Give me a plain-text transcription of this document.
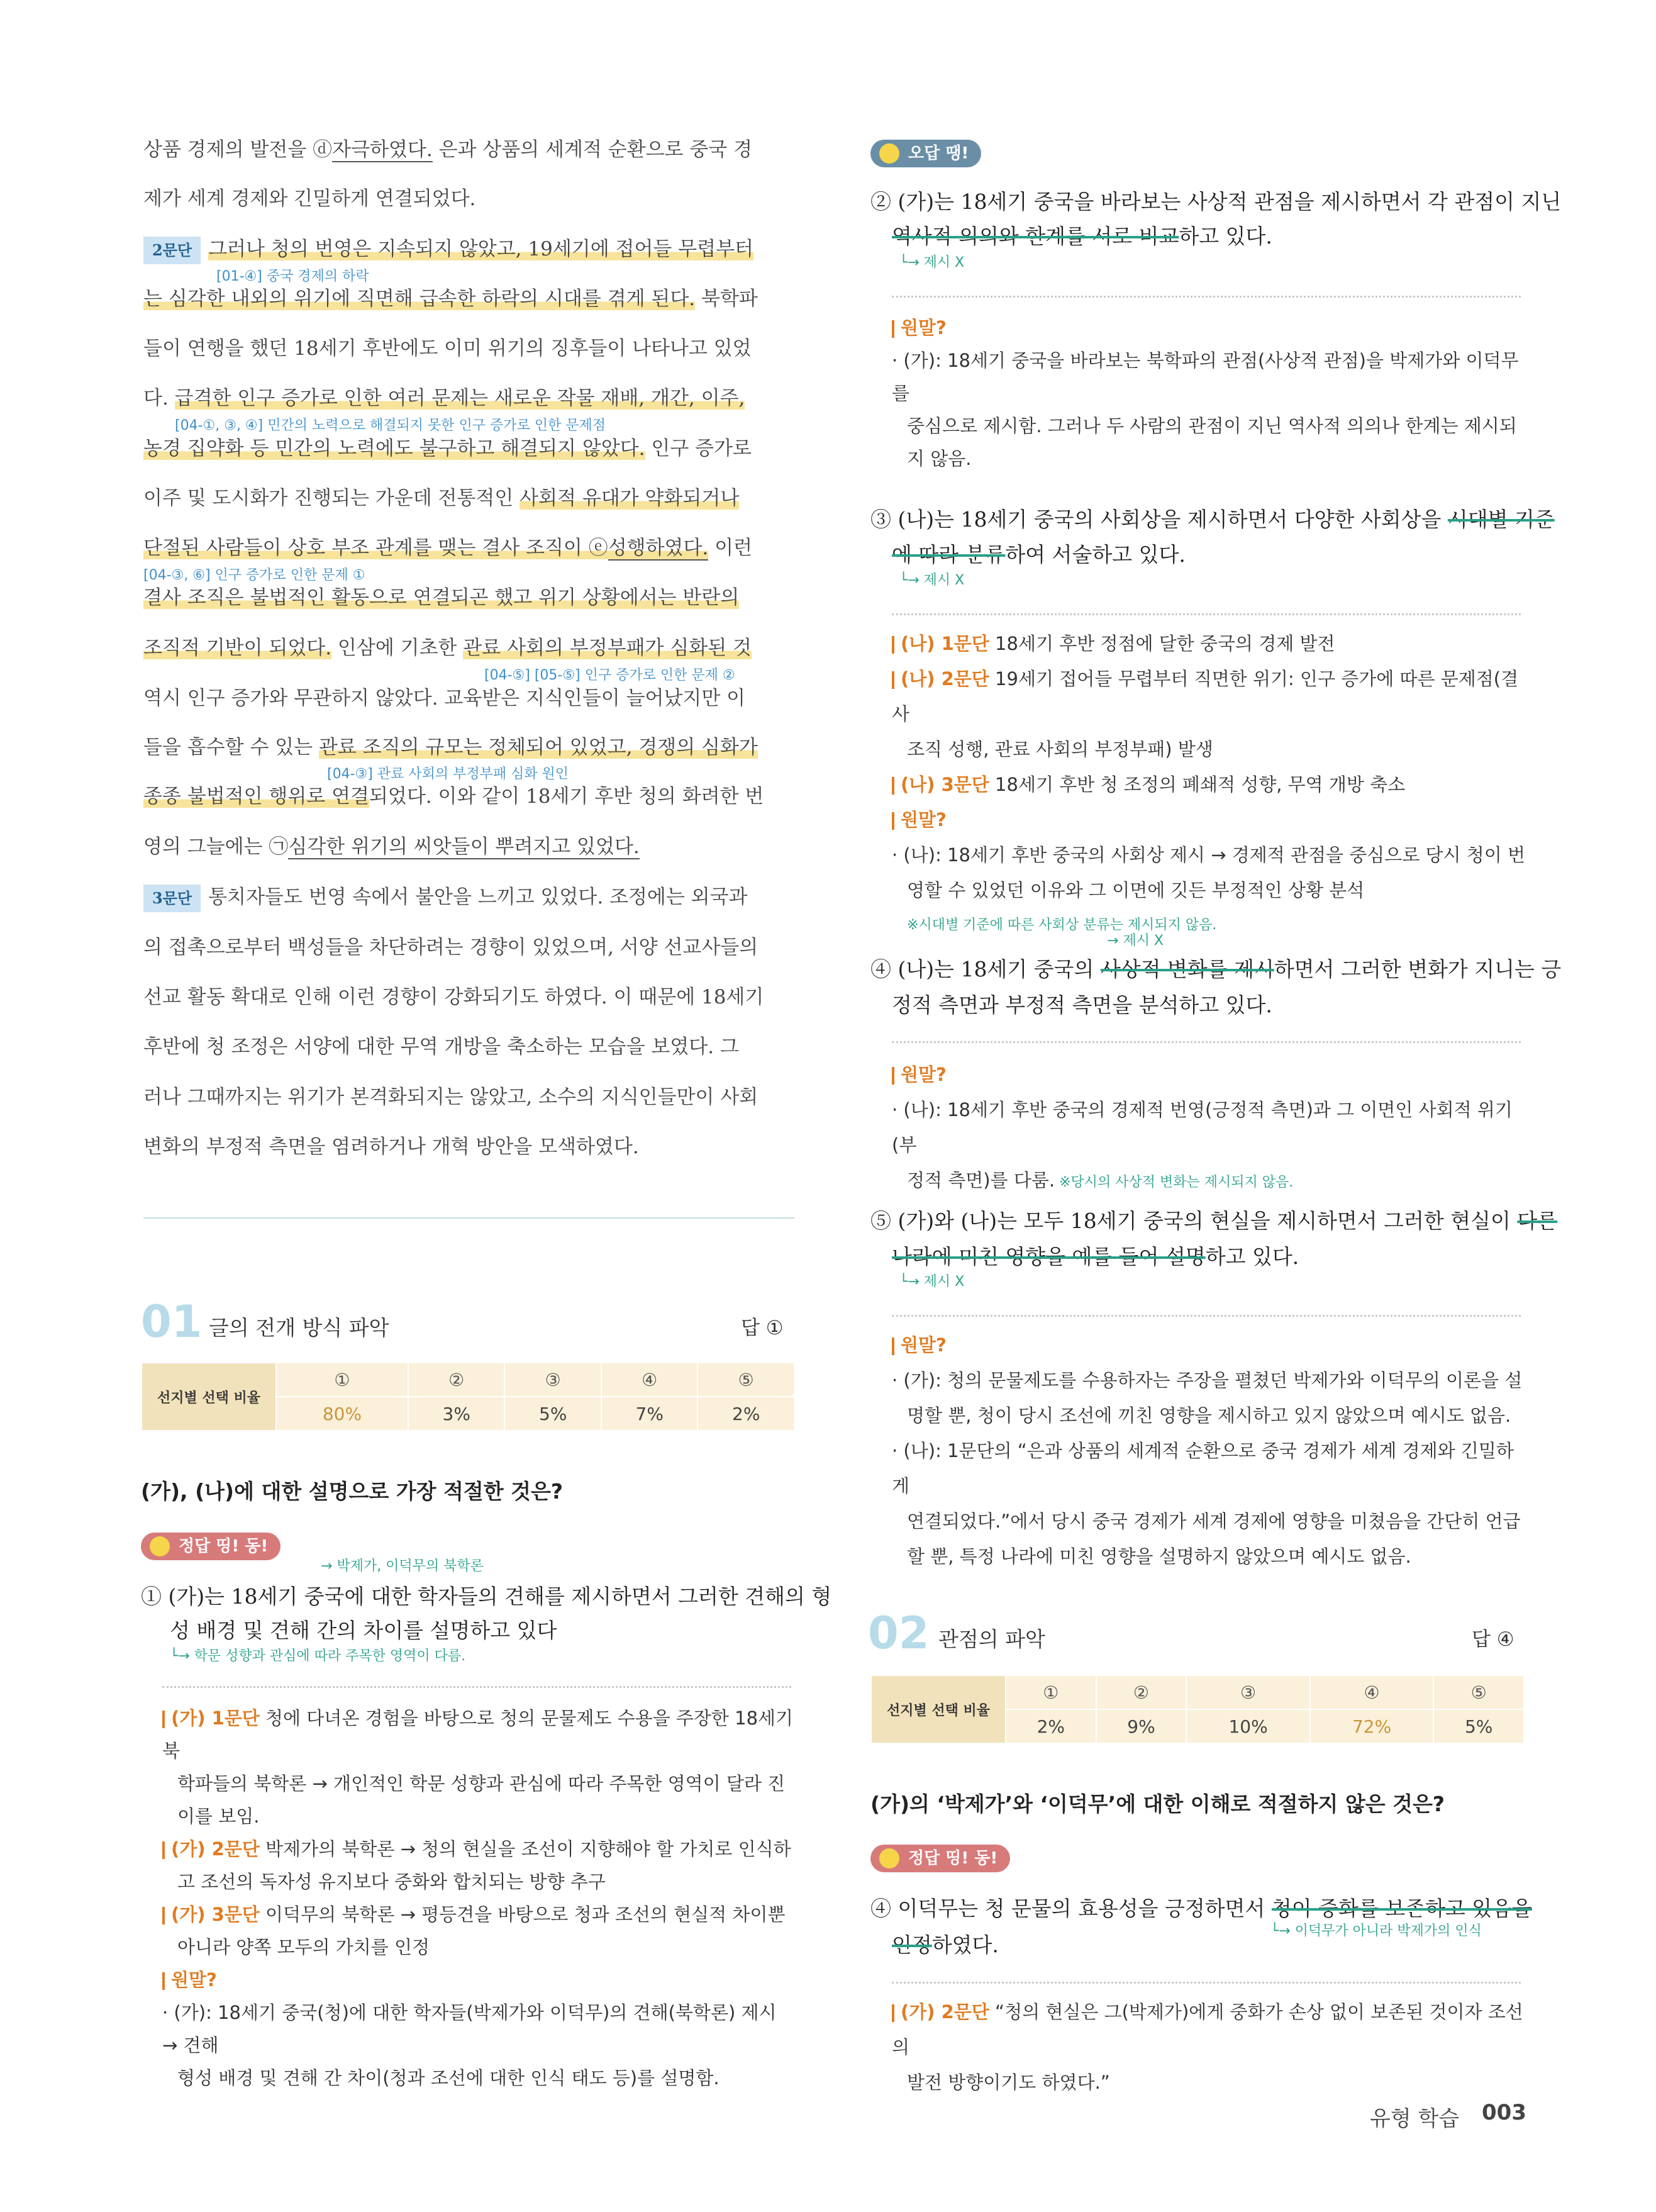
상품 경제의 발전을 ⓓ자극하였다. 은과 상품의 세계적 순환으로 중국 경
제가 세계 경제와 긴밀하게 연결되었다.
2문단 그러나 청의 번영은 지속되지 않았고, 19세기에 접어들 무렵부터
[01-④] 중국 경제의 하락
는 심각한 내외의 위기에 직면해 급속한 하락의 시대를 겪게 된다. 북학파
들이 연행을 했던 18세기 후반에도 이미 위기의 징후들이 나타나고 있었
다. 급격한 인구 증가로 인한 여러 문제는 새로운 작물 재배, 개간, 이주,
[04-①, ③, ④] 민간의 노력으로 해결되지 못한 인구 증가로 인한 문제점
농경 집약화 등 민간의 노력에도 불구하고 해결되지 않았다. 인구 증가로
이주 및 도시화가 진행되는 가운데 전통적인 사회적 유대가 약화되거나
단절된 사람들이 상호 부조 관계를 맺는 결사 조직이 ⓔ성행하였다. 이런
[04-③, ⑥] 인구 증가로 인한 문제 ①
결사 조직은 불법적인 활동으로 연결되곤 했고 위기 상황에서는 반란의
조직적 기반이 되었다. 인삼에 기초한 관료 사회의 부정부패가 심화된 것
[04-⑤] [05-⑤] 인구 증가로 인한 문제 ②
역시 인구 증가와 무관하지 않았다. 교육받은 지식인들이 늘어났지만 이
들을 흡수할 수 있는 관료 조직의 규모는 정체되어 있었고, 경쟁의 심화가
[04-③] 관료 사회의 부정부패 심화 원인
종종 불법적인 행위로 연결되었다. 이와 같이 18세기 후반 청의 화려한 번
영의 그늘에는 ㉠심각한 위기의 씨앗들이 뿌려지고 있었다.
3문단 통치자들도 번영 속에서 불안을 느끼고 있었다. 조정에는 외국과
의 접촉으로부터 백성들을 차단하려는 경향이 있었으며, 서양 선교사들의
선교 활동 확대로 인해 이런 경향이 강화되기도 하였다. 이 때문에 18세기
후반에 청 조정은 서양에 대한 무역 개방을 축소하는 모습을 보였다. 그
러나 그때까지는 위기가 본격화되지는 않았고, 소수의 지식인들만이 사회
변화의 부정적 측면을 염려하거나 개혁 방안을 모색하였다.
01 글의 전개 방식 파악	답 ①
선지별 선택 비율	①	②	③	④	⑤
	80%	3%	5%	7%	2%
(가), (나)에 대한 설명으로 가장 적절한 것은?
정답 띵! 동!
→ 박제가, 이덕무의 북학론
① (가)는 18세기 중국에 대한 학자들의 견해를 제시하면서 그러한 견해의 형
성 배경 및 견해 간의 차이를 설명하고 있다
└→ 학문 성향과 관심에 따라 주목한 영역이 다름.
(가) 1문단 청에 다녀온 경험을 바탕으로 청의 문물제도 수용을 주장한 18세기 북
학파들의 북학론 → 개인적인 학문 성향과 관심에 따라 주목한 영역이 달라 진
이를 보임.
(가) 2문단 박제가의 북학론 → 청의 현실을 조선이 지향해야 할 가치로 인식하
고 조선의 독자성 유지보다 중화와 합치되는 방향 추구
(가) 3문단 이덕무의 북학론 → 평등견을 바탕으로 청과 조선의 현실적 차이뿐
아니라 양쪽 모두의 가치를 인정
원말?
· (가): 18세기 중국(청)에 대한 학자들(박제가와 이덕무)의 견해(북학론) 제시 → 견해
형성 배경 및 견해 간 차이(청과 조선에 대한 인식 태도 등)를 설명함.
오답 땡!
② (가)는 18세기 중국을 바라보는 사상적 관점을 제시하면서 각 관점이 지닌
역사적 의의와 한계를 서로 비교하고 있다.
└→ 제시 X
원말?
· (가): 18세기 중국을 바라보는 북학파의 관점(사상적 관점)을 박제가와 이덕무를
중심으로 제시함. 그러나 두 사람의 관점이 지닌 역사적 의의나 한계는 제시되
지 않음.
③ (나)는 18세기 중국의 사회상을 제시하면서 다양한 사회상을 시대별 기준
에 따라 분류하여 서술하고 있다.
└→ 제시 X
(나) 1문단 18세기 후반 정점에 달한 중국의 경제 발전
(나) 2문단 19세기 접어들 무렵부터 직면한 위기: 인구 증가에 따른 문제점(결사
조직 성행, 관료 사회의 부정부패) 발생
(나) 3문단 18세기 후반 청 조정의 폐쇄적 성향, 무역 개방 축소
원말?
· (나): 18세기 후반 중국의 사회상 제시 → 경제적 관점을 중심으로 당시 청이 번
영할 수 있었던 이유와 그 이면에 깃든 부정적인 상황 분석
※시대별 기준에 따른 사회상 분류는 제시되지 않음.
→ 제시 X
④ (나)는 18세기 중국의 사상적 변화를 제시하면서 그러한 변화가 지니는 긍
정적 측면과 부정적 측면을 분석하고 있다.
원말?
· (나): 18세기 후반 중국의 경제적 번영(긍정적 측면)과 그 이면인 사회적 위기(부
정적 측면)를 다룸. ※당시의 사상적 변화는 제시되지 않음.
⑤ (가)와 (나)는 모두 18세기 중국의 현실을 제시하면서 그러한 현실이 다른
나라에 미친 영향을 예를 들어 설명하고 있다.
└→ 제시 X
원말?
· (가): 청의 문물제도를 수용하자는 주장을 펼쳤던 박제가와 이덕무의 이론을 설
명할 뿐, 청이 당시 조선에 끼친 영향을 제시하고 있지 않았으며 예시도 없음.
· (나): 1문단의 “은과 상품의 세계적 순환으로 중국 경제가 세계 경제와 긴밀하게
연결되었다.”에서 당시 중국 경제가 세계 경제에 영향을 미쳤음을 간단히 언급
할 뿐, 특정 나라에 미친 영향을 설명하지 않았으며 예시도 없음.
02 관점의 파악	답 ④
선지별 선택 비율	①	②	③	④	⑤
	2%	9%	10%	72%	5%
(가)의 ‘박제가’와 ‘이덕무’에 대한 이해로 적절하지 않은 것은?
정답 띵! 동!
④ 이덕무는 청 문물의 효용성을 긍정하면서 청이 중화를 보존하고 있음을
└→ 이덕무가 아니라 박제가의 인식
인정하였다.
(가) 2문단 “청의 현실은 그(박제가)에게 중화가 손상 없이 보존된 것이자 조선의
발전 방향이기도 하였다.”
유형 학습 003
